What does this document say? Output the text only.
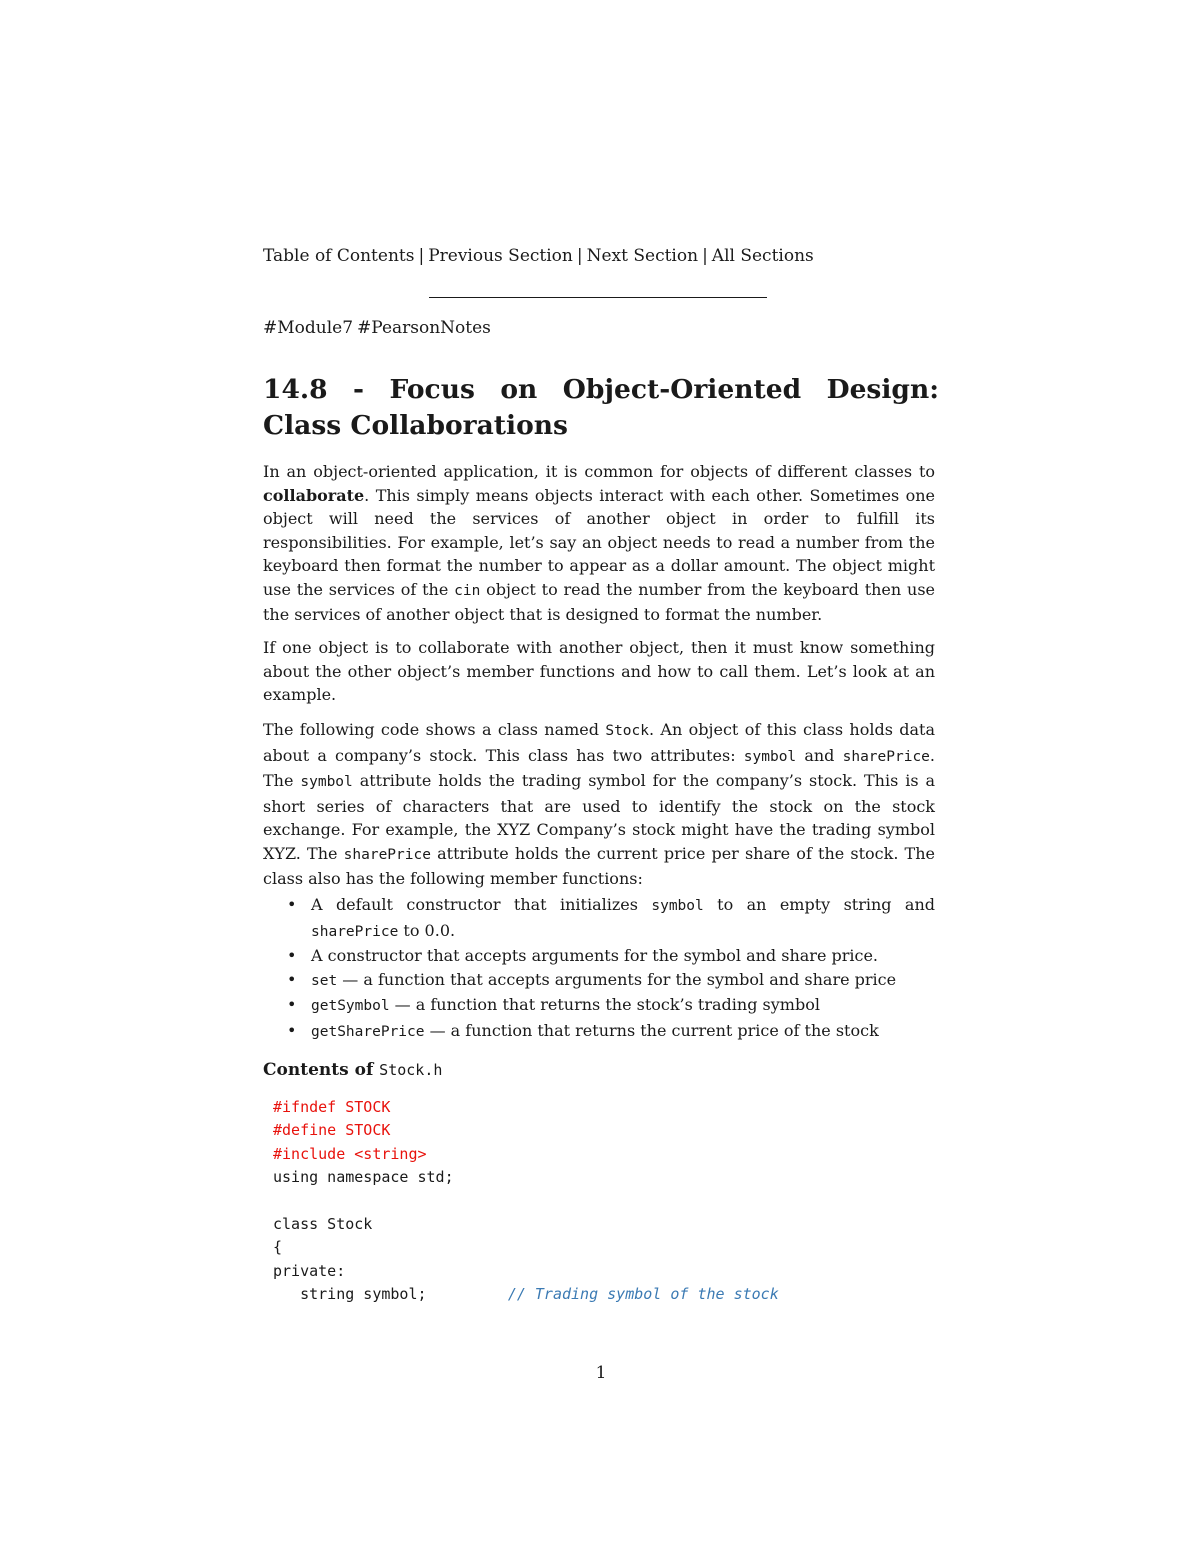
Table of Contents | Previous Section | Next Section | All Sections
#Module7 #PearsonNotes
14.8 - Focus on Object-Oriented Design: Class Collaborations

In an object-oriented application, it is common for objects of different classes to collaborate. This simply means objects interact with each other. Sometimes one object will need the services of another object in order to fulfill its responsibilities. For example, let’s say an object needs to read a number from the keyboard then format the number to appear as a dollar amount. The object might use the services of the cin object to read the number from the keyboard then use the services of another object that is designed to format the number.

If one object is to collaborate with another object, then it must know something about the other object’s member functions and how to call them. Let’s look at an example.

The following code shows a class named Stock. An object of this class holds data about a company’s stock. This class has two attributes: symbol and sharePrice. The symbol attribute holds the trading symbol for the company’s stock. This is a short series of characters that are used to identify the stock on the stock exchange. For example, the XYZ Company’s stock might have the trading symbol XYZ. The sharePrice attribute holds the current price per share of the stock. The class also has the following member functions:

• A default constructor that initializes symbol to an empty string and sharePrice to 0.0.
• A constructor that accepts arguments for the symbol and share price.
• set — a function that accepts arguments for the symbol and share price
• getSymbol — a function that returns the stock’s trading symbol
• getSharePrice — a function that returns the current price of the stock
Contents of Stock.h
#ifndef STOCK
#define STOCK
#include <string>
using namespace std;
class Stock
{
private:
string symbol;         // Trading symbol of the stock
1
